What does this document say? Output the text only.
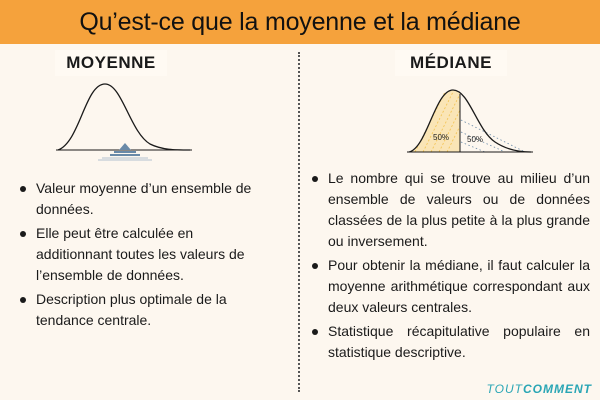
Qu’est-ce que la moyenne et la médiane
MOYENNE	MÉDIANE
50% 50%
Valeur moyenne d’un ensemble de données.
Elle peut être calculée en additionnant toutes les valeurs de l’ensemble de données.
Description plus optimale de la tendance centrale.
Le nombre qui se trouve au milieu d’un ensemble de valeurs ou de données classées de la plus petite à la plus grande ou inversement.
Pour obtenir la médiane, il faut calculer la moyenne arithmétique correspondant aux deux valeurs centrales.
Statistique récapitulative populaire en statistique descriptive.
TOUTCOMMENT
